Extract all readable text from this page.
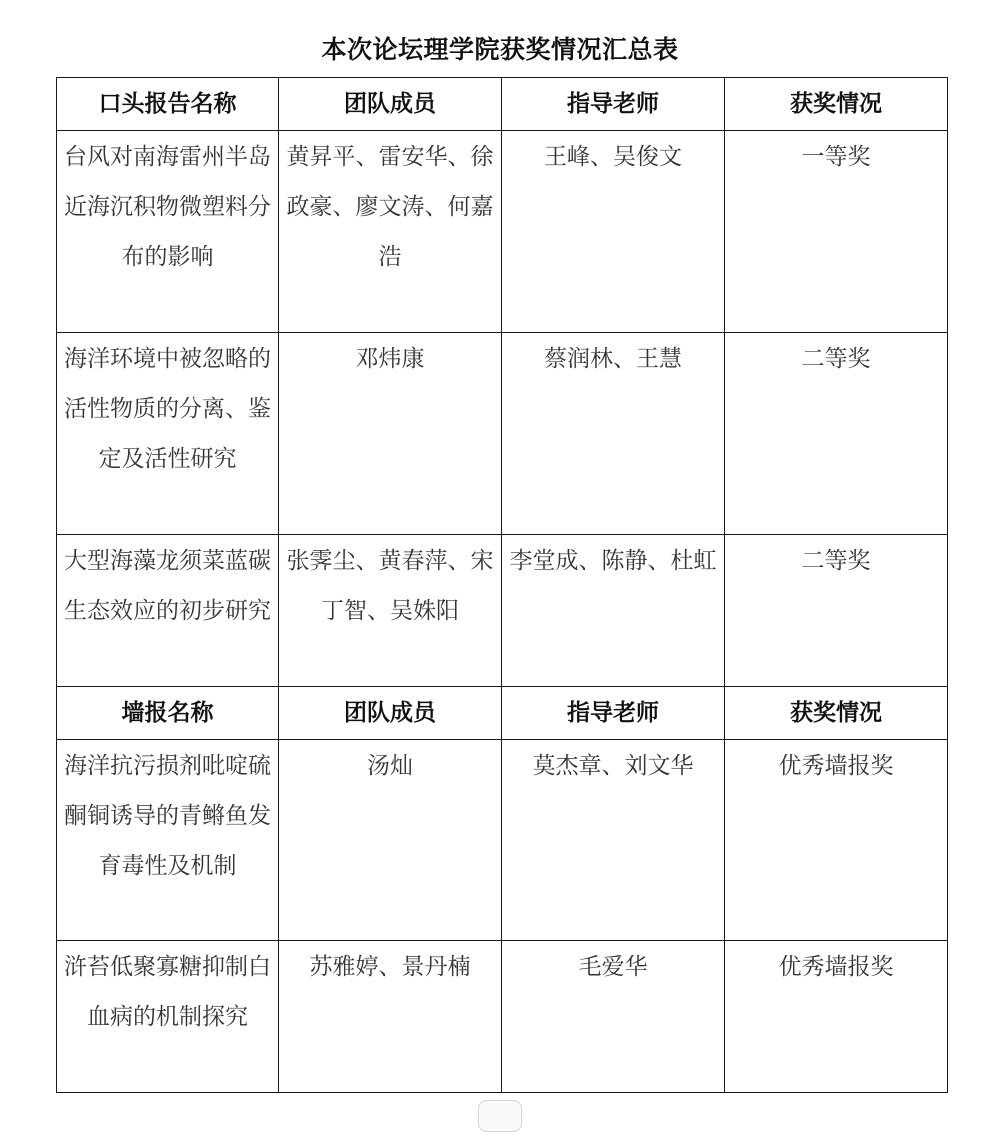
本次论坛理学院获奖情况汇总表
口头报告名称	团队成员	指导老师	获奖情况
台风对南海雷州半岛近海沉积物微塑料分布的影响	黄昇平、雷安华、徐政豪、廖文涛、何嘉浩	王峰、吴俊文	一等奖
海洋环境中被忽略的活性物质的分离、鉴定及活性研究	邓炜康	蔡润林、王慧	二等奖
大型海藻龙须菜蓝碳生态效应的初步研究	张霁尘、黄春萍、宋丁智、吴姝阳	李堂成、陈静、杜虹	二等奖
墙报名称	团队成员	指导老师	获奖情况
海洋抗污损剂吡啶硫酮铜诱导的青鳉鱼发育毒性及机制	汤灿	莫杰章、刘文华	优秀墙报奖
浒苔低聚寡糖抑制白血病的机制探究	苏雅婷、景丹楠	毛爱华	优秀墙报奖
